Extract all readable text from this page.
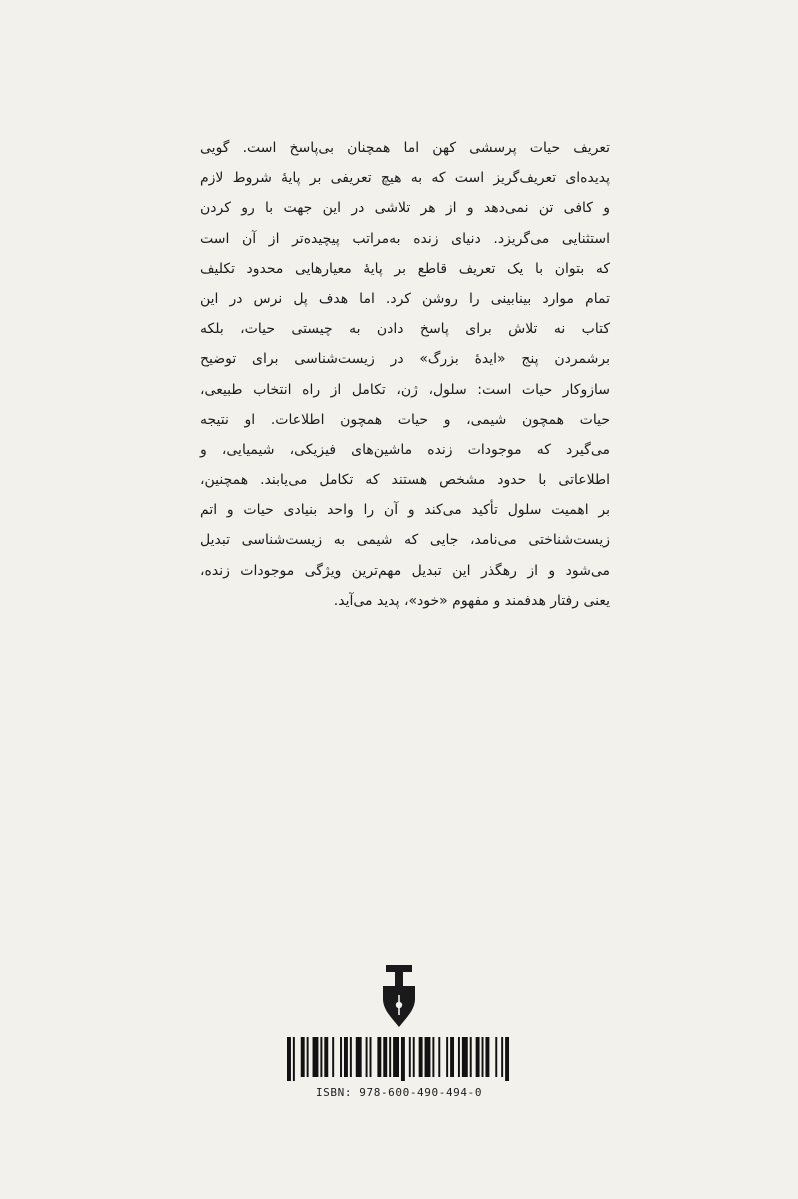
تعریف حیات پرسشی کهن اما همچنان بی‌پاسخ است. گویی
پدیده‌ای تعریف‌گریز است که به هیچ تعریفی بر پایهٔ شروط لازم
و کافی تن نمی‌دهد و از هر تلاشی در این جهت با رو کردن
استثنایی می‌گریزد. دنیای زنده به‌مراتب پیچیده‌تر از آن است
که بتوان با یک تعریف قاطع بر پایهٔ معیارهایی محدود تکلیف
تمام موارد بینابینی را روشن کرد. اما هدف پل نرس در این
کتاب نه تلاش برای پاسخ دادن به چیستی حیات، بلکه
برشمردن پنج «ایدهٔ بزرگ» در زیست‌شناسی برای توضیح
سازوکار حیات است: سلول، ژن، تکامل از راه انتخاب طبیعی،
حیات همچون شیمی، و حیات همچون اطلاعات. او نتیجه
می‌گیرد که موجودات زنده ماشین‌های فیزیکی، شیمیایی، و
اطلاعاتی با حدود مشخص هستند که تکامل می‌یابند. همچنین،
بر اهمیت سلول تأکید می‌کند و آن را واحد بنیادی حیات و اتم
زیست‌شناختی می‌نامد، جایی که شیمی به زیست‌شناسی تبدیل
می‌شود و از رهگذر این تبدیل مهم‌ترین ویژگی موجودات زنده،
یعنی رفتار هدفمند و مفهوم «خود»، پدید می‌آید.
ISBN: 978-600-490-494-0
